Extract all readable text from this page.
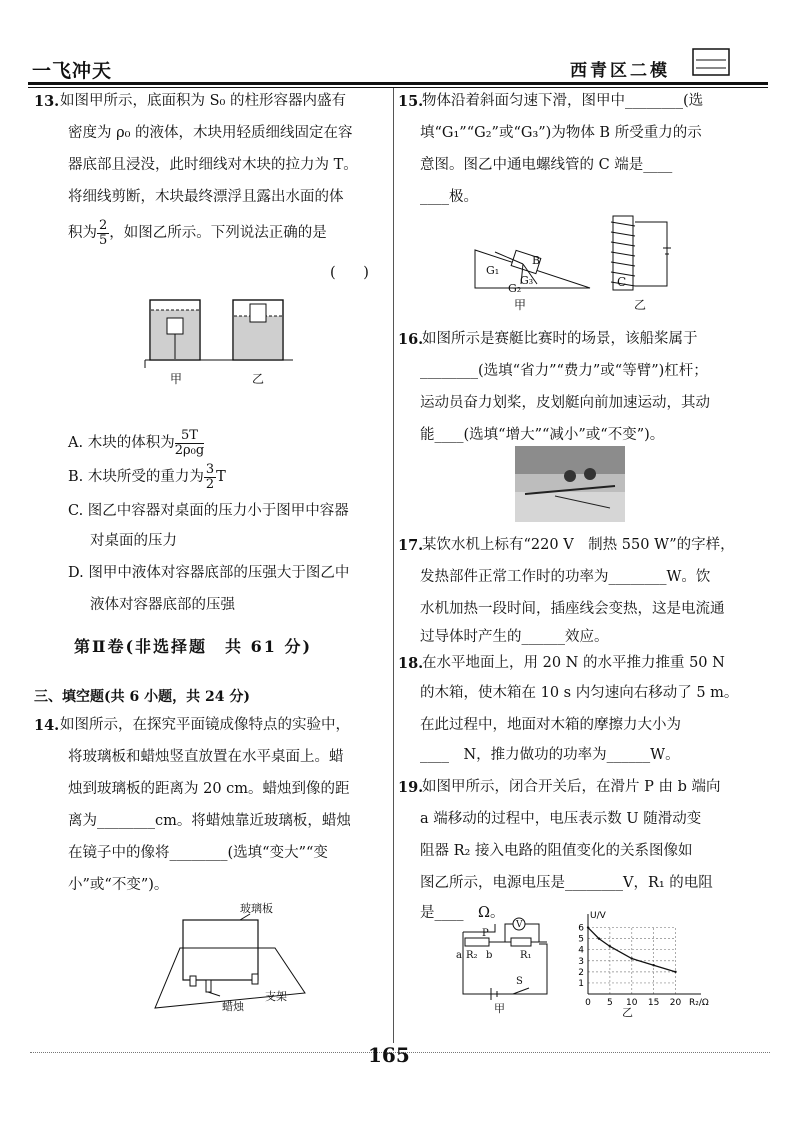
一飞冲天	西青区二模
13. 如图甲所示，底面积为 S₀ 的柱形容器内盛有
密度为 ρ₀ 的液体，木块用轻质细线固定在容
器底部且浸没，此时细线对木块的拉力为 T。
将细线剪断，木块最终漂浮且露出水面的体
积为 $\frac{2}{5}$ ，如图乙所示。下列说法正确的是
(      )
甲	乙
A. 木块的体积为 $\frac{5T}{\text{2ρ₀g}}$
B. 木块所受的重力为 $\frac{3}{2}$ T
C. 图乙中容器对桌面的压力小于图甲中容器
对桌面的压力
D. 图甲中液体对容器底部的压强大于图乙中
液体对容器底部的压强
第Ⅱ卷(非选择题　共 61 分)
三、填空题(共 6 小题，共 24 分)
14. 如图所示，在探究平面镜成像特点的实验中，
将玻璃板和蜡烛竖直放置在水平桌面上。蜡
烛到玻璃板的距离为 20 cm。蜡烛到像的距
离为________cm。将蜡烛靠近玻璃板，蜡烛
在镜子中的像将________(选填“变大”“变
小”或“不变”)。
玻璃板
蜡烛
支架
15.
物体沿着斜面匀速下滑，图甲中________(选
填“G₁”“G₂”或“G₃”)为物体 B 所受重力的示
意图。图乙中通电螺线管的 C 端是____
____极。
G₁
G₂
G₃
B
甲
C
乙
16.
如图所示是赛艇比赛时的场景，该船桨属于
________(选填“省力”“费力”或“等臂”)杠杆；
运动员奋力划桨，皮划艇向前加速运动，其动
能____(选填“增大”“减小”或“不变”)。
17.
某饮水机上标有“220 V　制热 550 W”的字样，
发热部件正常工作时的功率为________W。饮
水机加热一段时间，插座线会变热，这是电流通
过导体时产生的______效应。
18.
在水平地面上，用 20 N 的水平推力推重 50 N
的木箱，使木箱在 10 s 内匀速向右移动了 5 m。
在此过程中，地面对木箱的摩擦力大小为
____　N，推力做功的功率为______W。
19.
如图甲所示，闭合开关后，在滑片 P 由 b 端向
a 端移动的过程中，电压表示数 U 随滑动变
阻器 R₂ 接入电路的阻值变化的关系图像如
图乙所示，电源电压是________V，R₁ 的电阻
是____　Ω。
P
a R₂ b
V
R₁
S
甲
1
2
3
4
5
6
0 5 10 15 20
U/V
R₂/Ω
乙
165
